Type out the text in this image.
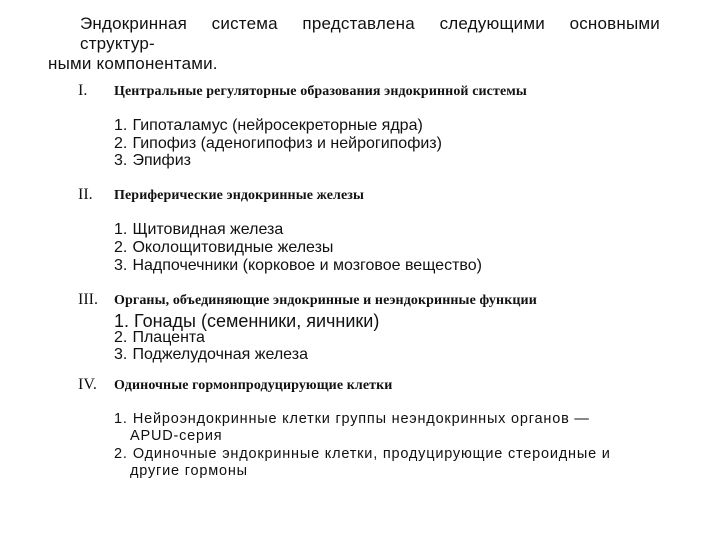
Эндокринная система представлена следующими основными структур-
ными компонентами.
I. Центральные регуляторные образования эндокринной системы
1. Гипоталамус (нейросекреторные ядра)
2. Гипофиз (аденогипофиз и нейрогипофиз)
3. Эпифиз
II. Периферические эндокринные железы
1. Щитовидная железа
2. Околощитовидные железы
3. Надпочечники (корковое и мозговое вещество)
III. Органы, объединяющие эндокринные и неэндокринные функции
1. Гонады (семенники, яичники)
2. Плацента
3. Поджелудочная железа
IV. Одиночные гормонпродуцирующие клетки
1. Нейроэндокринные клетки группы неэндокринных органов —
APUD-серия
2. Одиночные эндокринные клетки, продуцирующие стероидные и
другие гормоны
